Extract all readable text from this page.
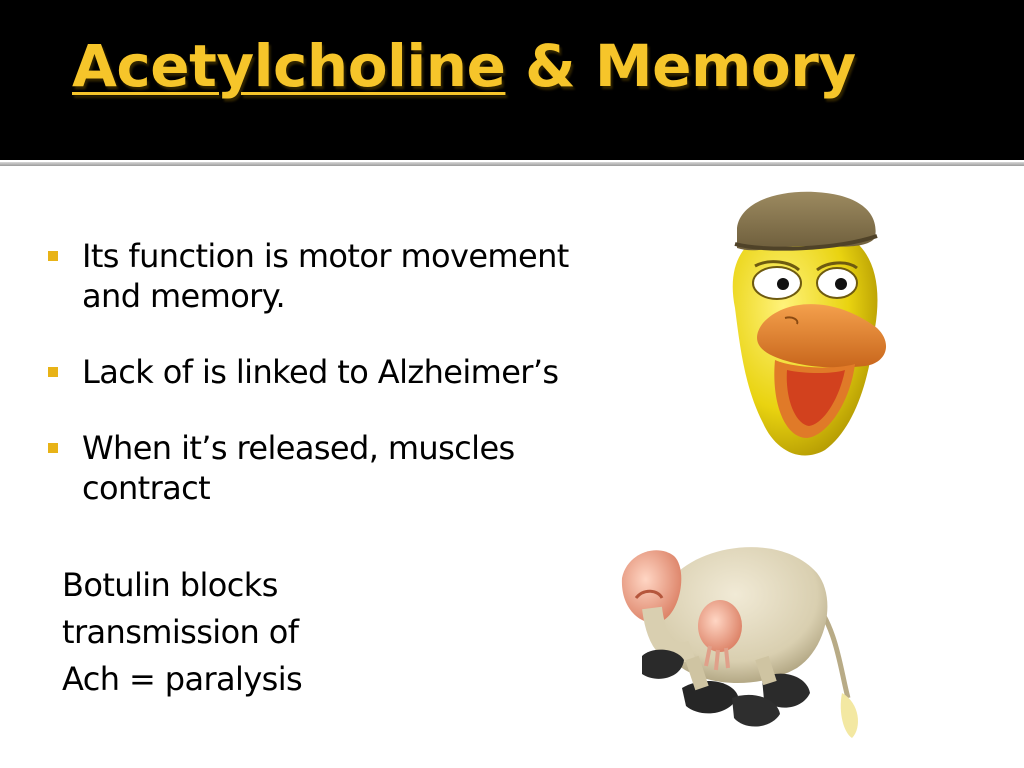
Acetylcholine & Memory
Its function is motor movement and memory.
Lack of is linked to Alzheimer’s
When it’s released, muscles contract
Botulin blocks
transmission of
Ach = paralysis
